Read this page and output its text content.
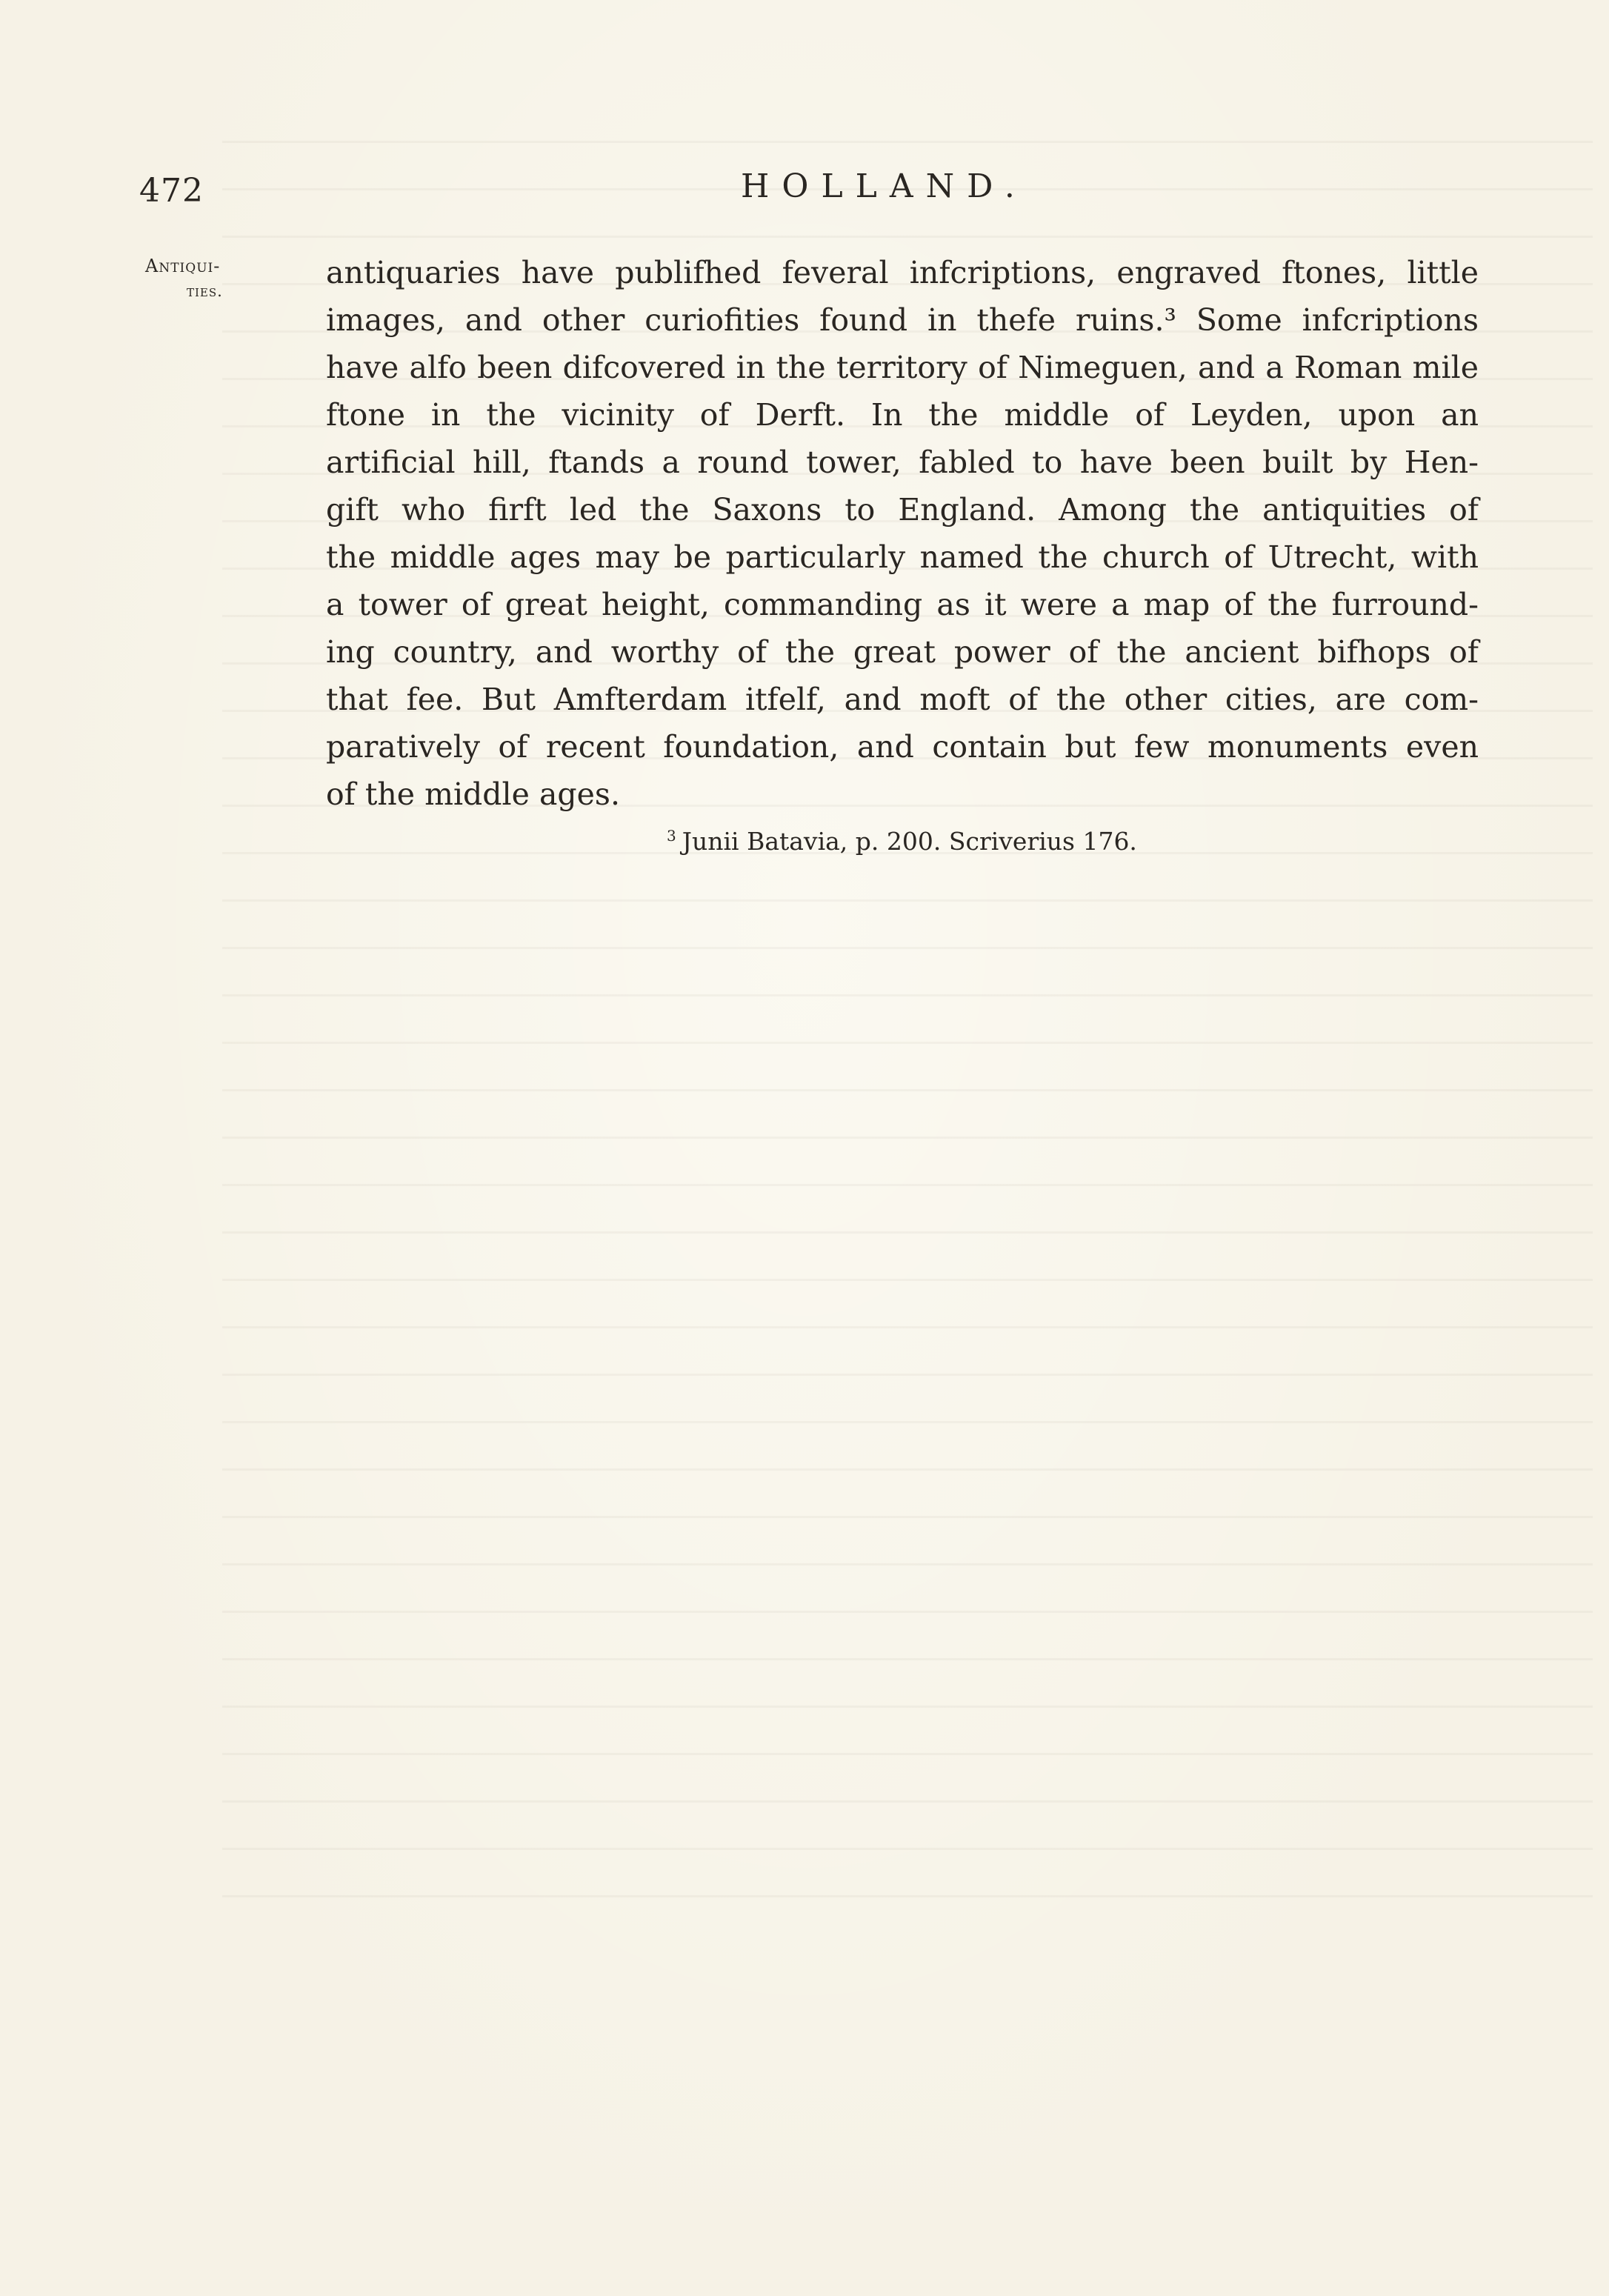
472	HOLLAND.
Antiqui-
ties.
antiquaries have publifhed feveral infcriptions, engraved ftones, little
images, and other curiofities found in thefe ruins.³ Some infcriptions
have alfo been difcovered in the territory of Nimeguen, and a Roman mile
ftone in the vicinity of Derft. In the middle of Leyden, upon an
artificial hill, ftands a round tower, fabled to have been built by Hen-
gift who firft led the Saxons to England. Among the antiquities of
the middle ages may be particularly named the church of Utrecht, with
a tower of great height, commanding as it were a map of the furround-
ing country, and worthy of the great power of the ancient bifhops of
that fee. But Amfterdam itfelf, and moft of the other cities, are com-
paratively of recent foundation, and contain but few monuments even
of the middle ages.
$^3$ Junii Batavia, p. 200. Scriverius 176.
